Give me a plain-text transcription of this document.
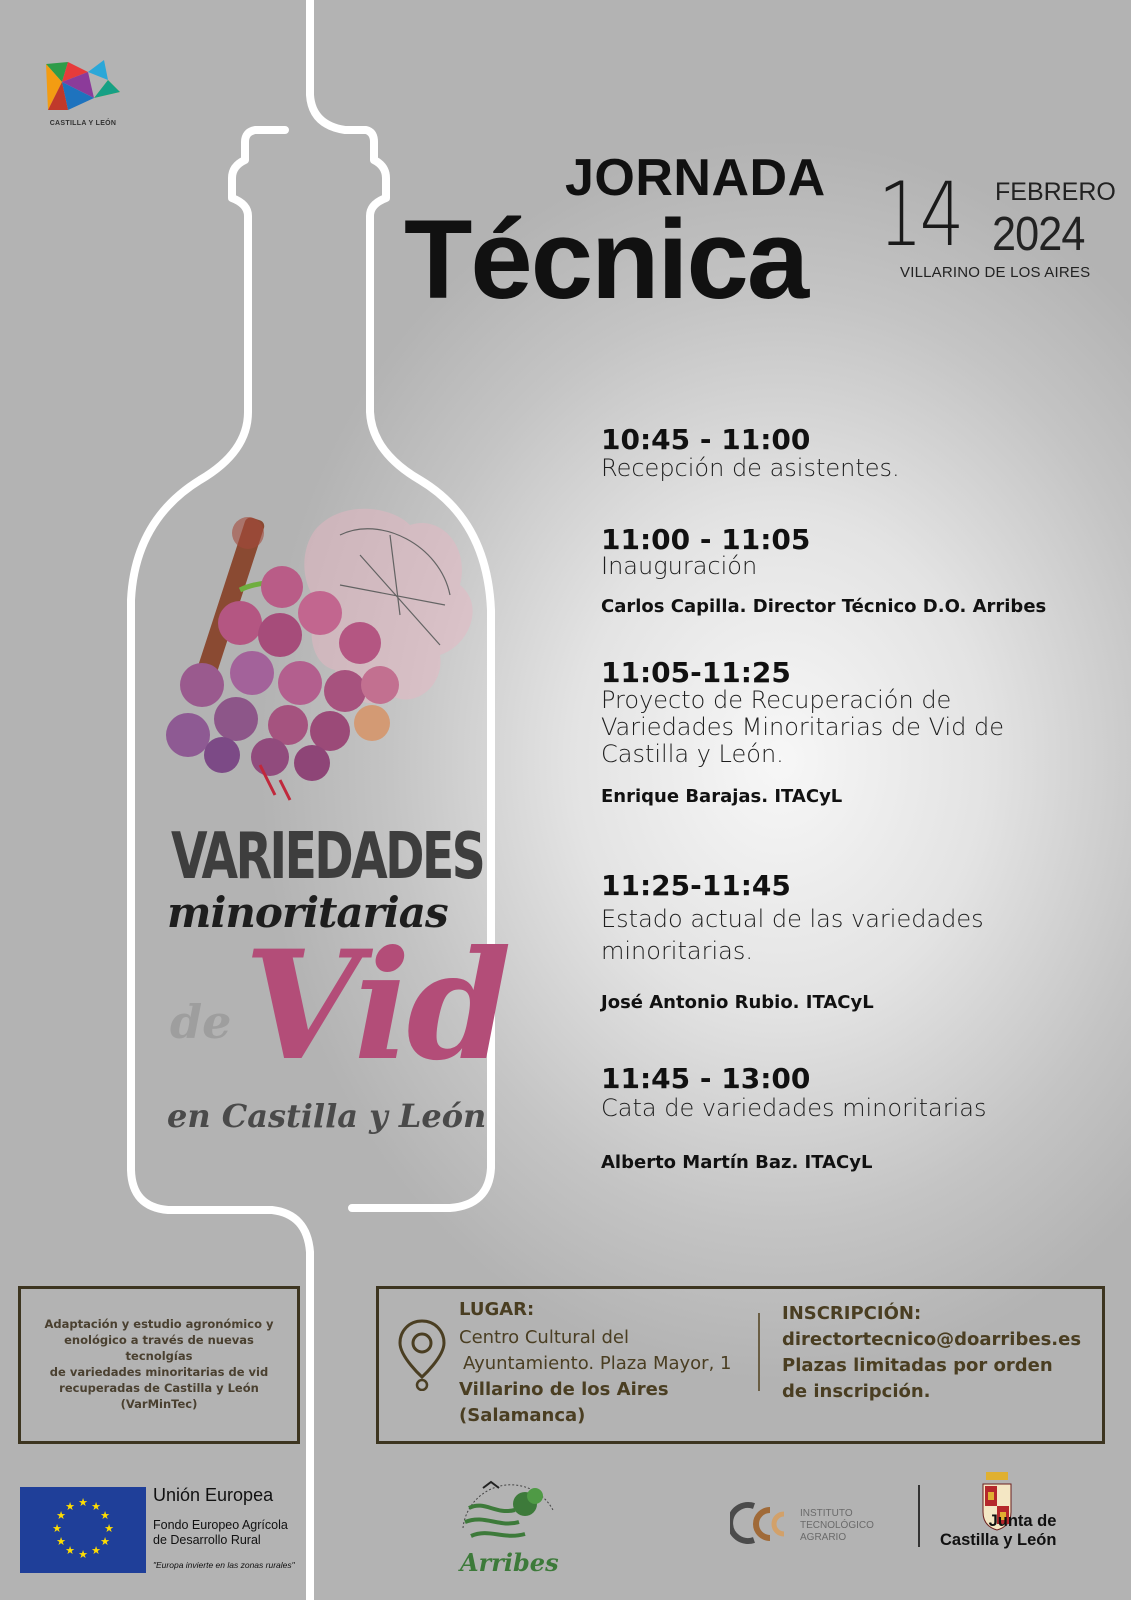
CASTILLA Y LEÓN
JORNADA
Técnica 14 FEBRERO
2024
VILLARINO DE LOS AIRES
10:45 - 11:00
Recepción de asistentes.
11:00 - 11:05
Inauguración
Carlos Capilla. Director Técnico D.O. Arribes
11:05-11:25
Proyecto de Recuperación de
Variedades Minoritarias de Vid de
Castilla y León.
Enrique Barajas. ITACyL
11:25-11:45
Estado actual de las variedades
minoritarias.
José Antonio Rubio. ITACyL
11:45 - 13:00
Cata de variedades minoritarias
Alberto Martín Baz. ITACyL
VARIEDADES
minoritarias
Vid
de
en Castilla y León
Adaptación y estudio agronómico y
enológico a través de nuevas tecnolgías
de variedades minoritarias de vid
recuperadas de Castilla y León
(VarMinTec)
LUGAR:
Centro Cultural del
Ayuntamiento. Plaza Mayor, 1
Villarino de los Aires
(Salamanca)
INSCRIPCIÓN:
directortecnico@doarribes.es
Plazas limitadas por orden
de inscripción.
★ ★
★
★
★
★
★
★
★
★
★
★
Unión Europea
Fondo Europeo Agrícola
de Desarrollo Rural
"Europa invierte en las zonas rurales"	Arribes
INSTITUTO
TECNOLÓGICO
AGRARIO
Junta de
Castilla y León
